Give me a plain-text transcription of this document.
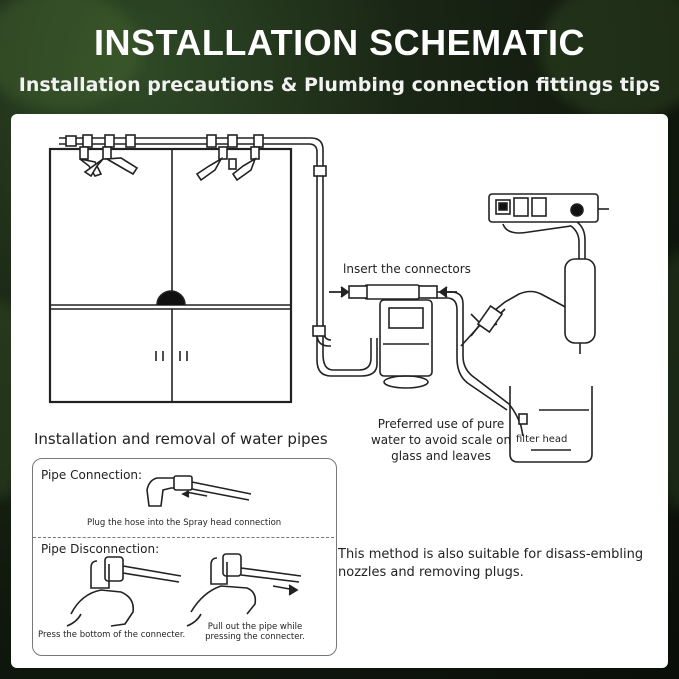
INSTALLATION SCHEMATIC
Installation precautions & Plumbing connection fittings tips
lnsert the connectors
Preferred use of pure
water to avoid scale on
glass and leaves
filter head
Installation and removal of water pipes
Pipe Connection:
Plug the hose into the Spray head connection
Pipe Disconnection:
Press the bottom of the connecter.
Pull out the pipe while
pressing the connecter.
This method is also suitable for disass-embling
nozzles and removing plugs.
